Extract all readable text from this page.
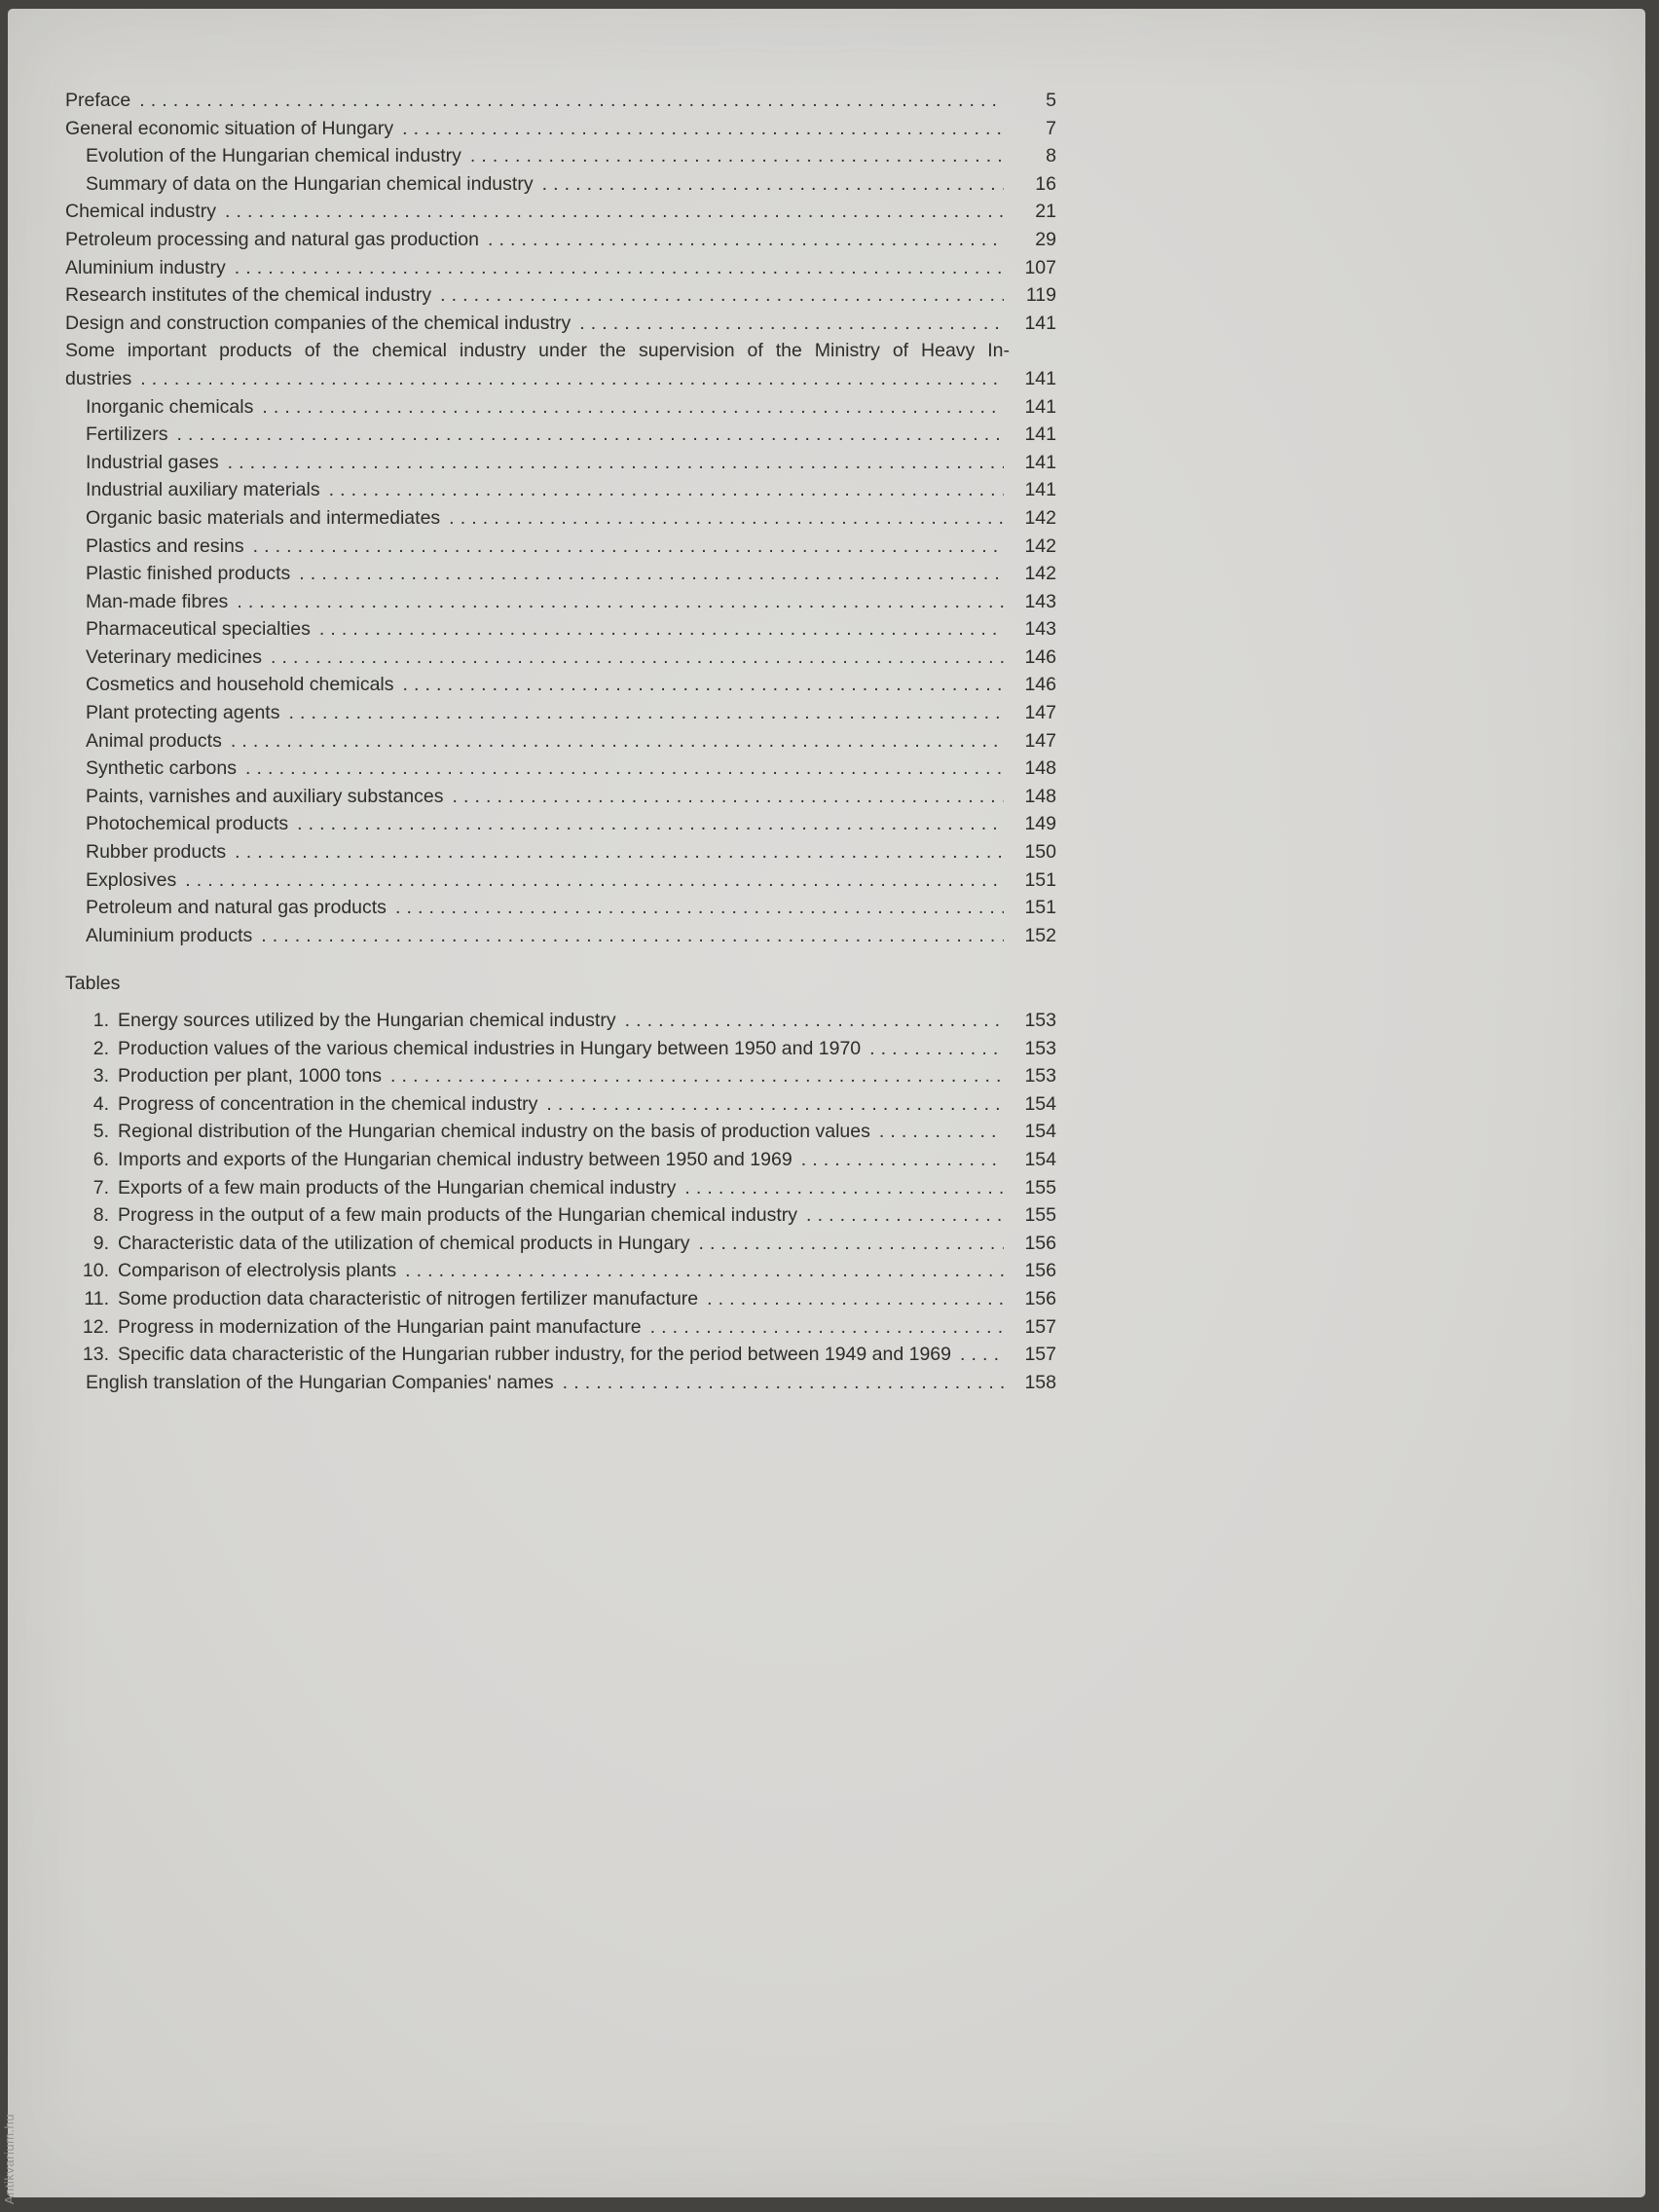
Preface .....	5
General economic situation of Hungary .....	7
Evolution of the Hungarian chemical industry .....	8
Summary of data on the Hungarian chemical industry .....	16
Chemical industry .....	21
Petroleum processing and natural gas production .....	29
Aluminium industry .....	107
Research institutes of the chemical industry .....	119
Design and construction companies of the chemical industry .....	141
Some important products of the chemical industry under the supervision of the Ministry of Heavy In-
dustries .....	141
Inorganic chemicals .....	141
Fertilizers .....	141
Industrial gases .....	141
Industrial auxiliary materials .....	141
Organic basic materials and intermediates .....	142
Plastics and resins .....	142
Plastic finished products .....	142
Man-made fibres .....	143
Pharmaceutical specialties .....	143
Veterinary medicines .....	146
Cosmetics and household chemicals .....	146
Plant protecting agents .....	147
Animal products .....	147
Synthetic carbons .....	148
Paints, varnishes and auxiliary substances .....	148
Photochemical products .....	149
Rubber products .....	150
Explosives .....	151
Petroleum and natural gas products .....	151
Aluminium products .....	152
Tables
1. Energy sources utilized by the Hungarian chemical industry .....	153
2. Production values of the various chemical industries in Hungary between 1950 and 1970 .....	153
3. Production per plant, 1000 tons .....	153
4. Progress of concentration in the chemical industry .....	154
5. Regional distribution of the Hungarian chemical industry on the basis of production values .....	154
6. Imports and exports of the Hungarian chemical industry between 1950 and 1969 .....	154
7. Exports of a few main products of the Hungarian chemical industry .....	155
8. Progress in the output of a few main products of the Hungarian chemical industry .....	155
9. Characteristic data of the utilization of chemical products in Hungary .....	156
10. Comparison of electrolysis plants .....	156
11. Some production data characteristic of nitrogen fertilizer manufacture .....	156
12. Progress in modernization of the Hungarian paint manufacture .....	157
13. Specific data characteristic of the Hungarian rubber industry, for the period between 1949 and 1969 .....	157
English translation of the Hungarian Companies' names .....	158
Antikvarium.hu
